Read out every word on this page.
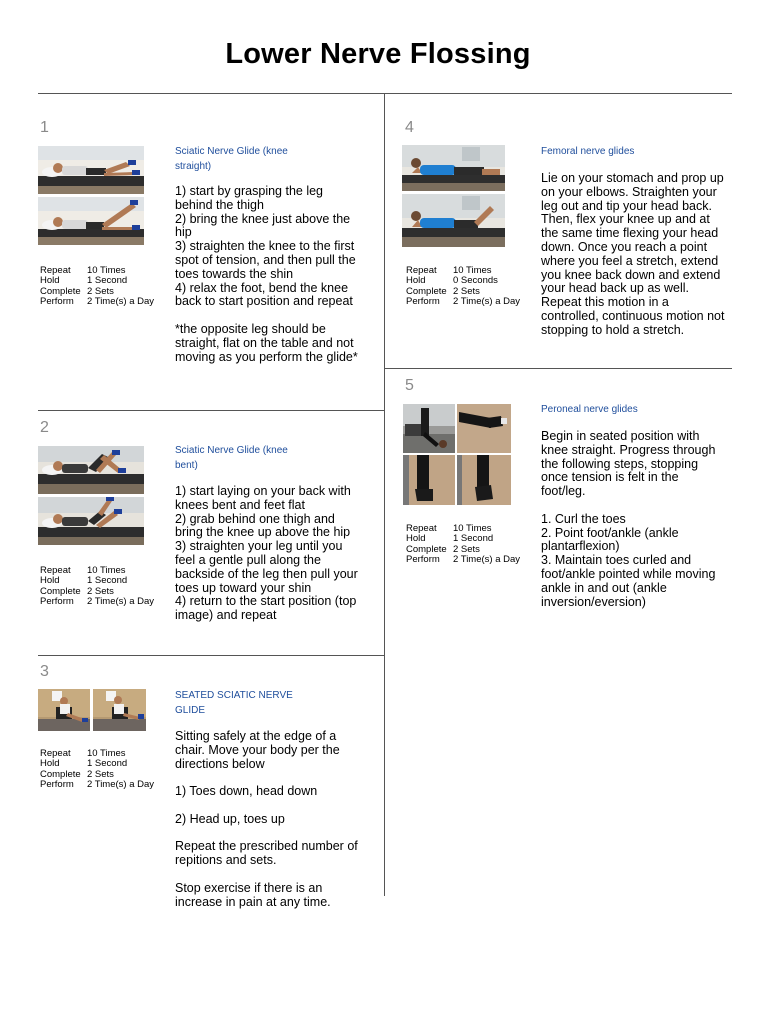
Lower Nerve Flossing
1
Repeat	10 Times
Hold	1 Second
Complete 2 Sets
Perform	2 Time(s) a Day
Sciatic Nerve Glide (knee straight)
1) start by grasping the leg behind the thigh
2) bring the knee just above the hip
3) straighten the knee to the first spot of tension, and then pull the toes towards the shin
4) relax the foot, bend the knee back to start position and repeat

*the opposite leg should be straight, flat on the table and not moving as you perform the glide*
2
Repeat	10 Times
Hold	1 Second
Complete 2 Sets
Perform	2 Time(s) a Day
Sciatic Nerve Glide (knee bent)
1) start laying on your back with knees bent and feet flat
2) grab behind one thigh and bring the knee up above the hip
3) straighten your leg until you feel a gentle pull along the backside of the leg then pull your toes up toward your shin
4) return to the start position (top image) and repeat
3
Repeat	10 Times
Hold	1 Second
Complete 2 Sets
Perform	2 Time(s) a Day
SEATED SCIATIC NERVE GLIDE
Sitting safely at the edge of a chair. Move your body per the directions below

1) Toes down, head down

2) Head up, toes up

Repeat the prescribed number of repitions and sets.

Stop exercise if there is an increase in pain at any time.
4
Repeat	10 Times
Hold	0 Seconds
Complete 2 Sets
Perform	2 Time(s) a Day
Femoral nerve glides
Lie on your stomach and prop up on your elbows. Straighten your leg out and tip your head back. Then, flex your knee up and at the same time flexing your head down. Once you reach a point where you feel a stretch, extend you knee back down and extend your head back up as well. Repeat this motion in a controlled, continuous motion not stopping to hold a stretch.
5
Repeat	10 Times
Hold	1 Second
Complete 2 Sets
Perform	2 Time(s) a Day
Peroneal nerve glides
Begin in seated position with knee straight. Progress through the following steps, stopping once tension is felt in the foot/leg.

1. Curl the toes
2. Point foot/ankle (ankle plantarflexion)
3. Maintain toes curled and foot/ankle pointed while moving ankle in and out (ankle inversion/eversion)
